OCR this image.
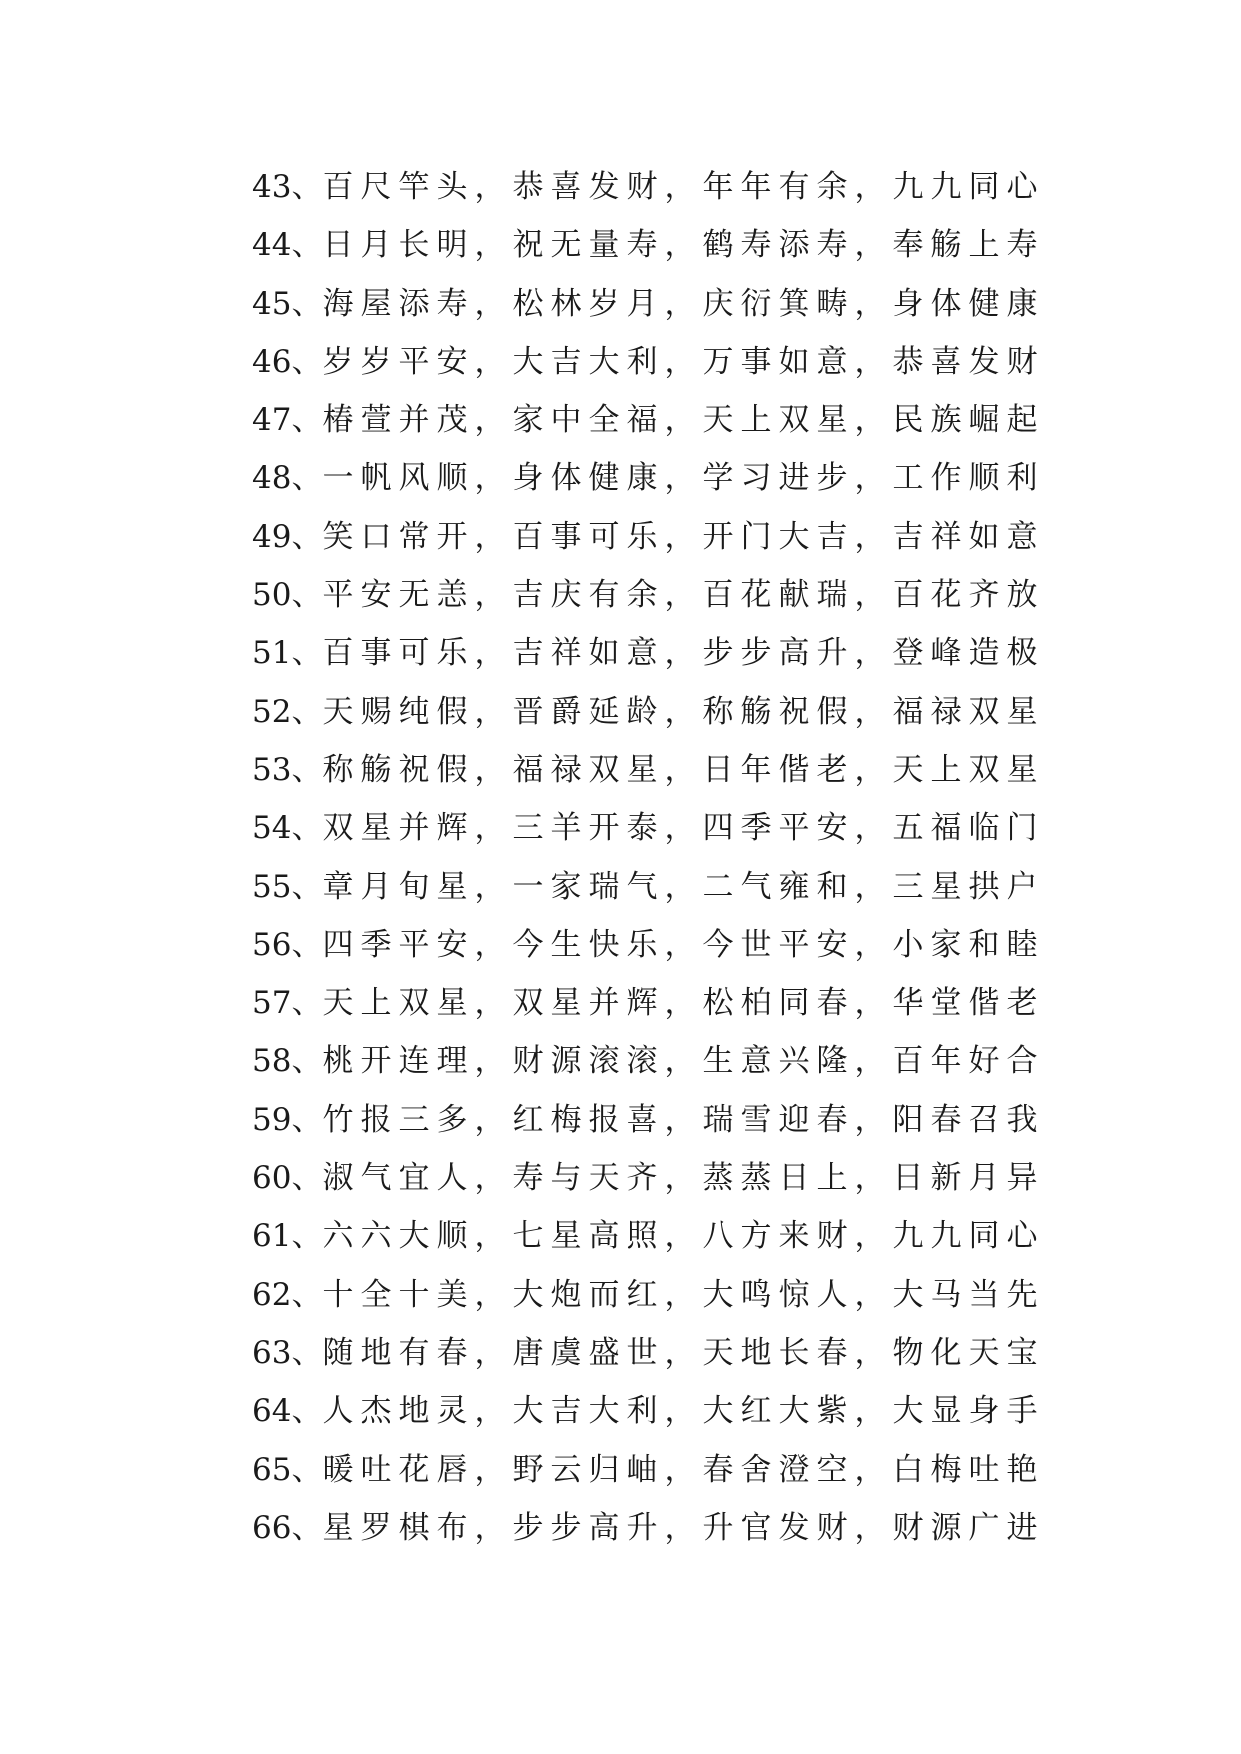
43、 百尺竿头，恭喜发财，年年有余，九九同心
44、 日月长明，祝无量寿，鹤寿添寿，奉觞上寿
45、 海屋添寿，松林岁月，庆衍箕畴，身体健康
46、 岁岁平安，大吉大利，万事如意，恭喜发财
47、 椿萱并茂，家中全福，天上双星，民族崛起
48、 一帆风顺，身体健康，学习进步，工作顺利
49、 笑口常开，百事可乐，开门大吉，吉祥如意
50、 平安无恙，吉庆有余，百花献瑞，百花齐放
51、 百事可乐，吉祥如意，步步高升，登峰造极
52、 天赐纯假，晋爵延龄，称觞祝假，福禄双星
53、 称觞祝假，福禄双星，日年偕老，天上双星
54、 双星并辉，三羊开泰，四季平安，五福临门
55、 章月旬星，一家瑞气，二气雍和，三星拱户
56、 四季平安，今生快乐，今世平安，小家和睦
57、 天上双星，双星并辉，松柏同春，华堂偕老
58、 桃开连理，财源滚滚，生意兴隆，百年好合
59、 竹报三多，红梅报喜，瑞雪迎春，阳春召我
60、 淑气宜人，寿与天齐，蒸蒸日上，日新月异
61、 六六大顺，七星高照，八方来财，九九同心
62、 十全十美，大炮而红，大鸣惊人，大马当先
63、 随地有春，唐虞盛世，天地长春，物化天宝
64、 人杰地灵，大吉大利，大红大紫，大显身手
65、 暖吐花唇，野云归岫，春舍澄空，白梅吐艳
66、 星罗棋布，步步高升，升官发财，财源广进
